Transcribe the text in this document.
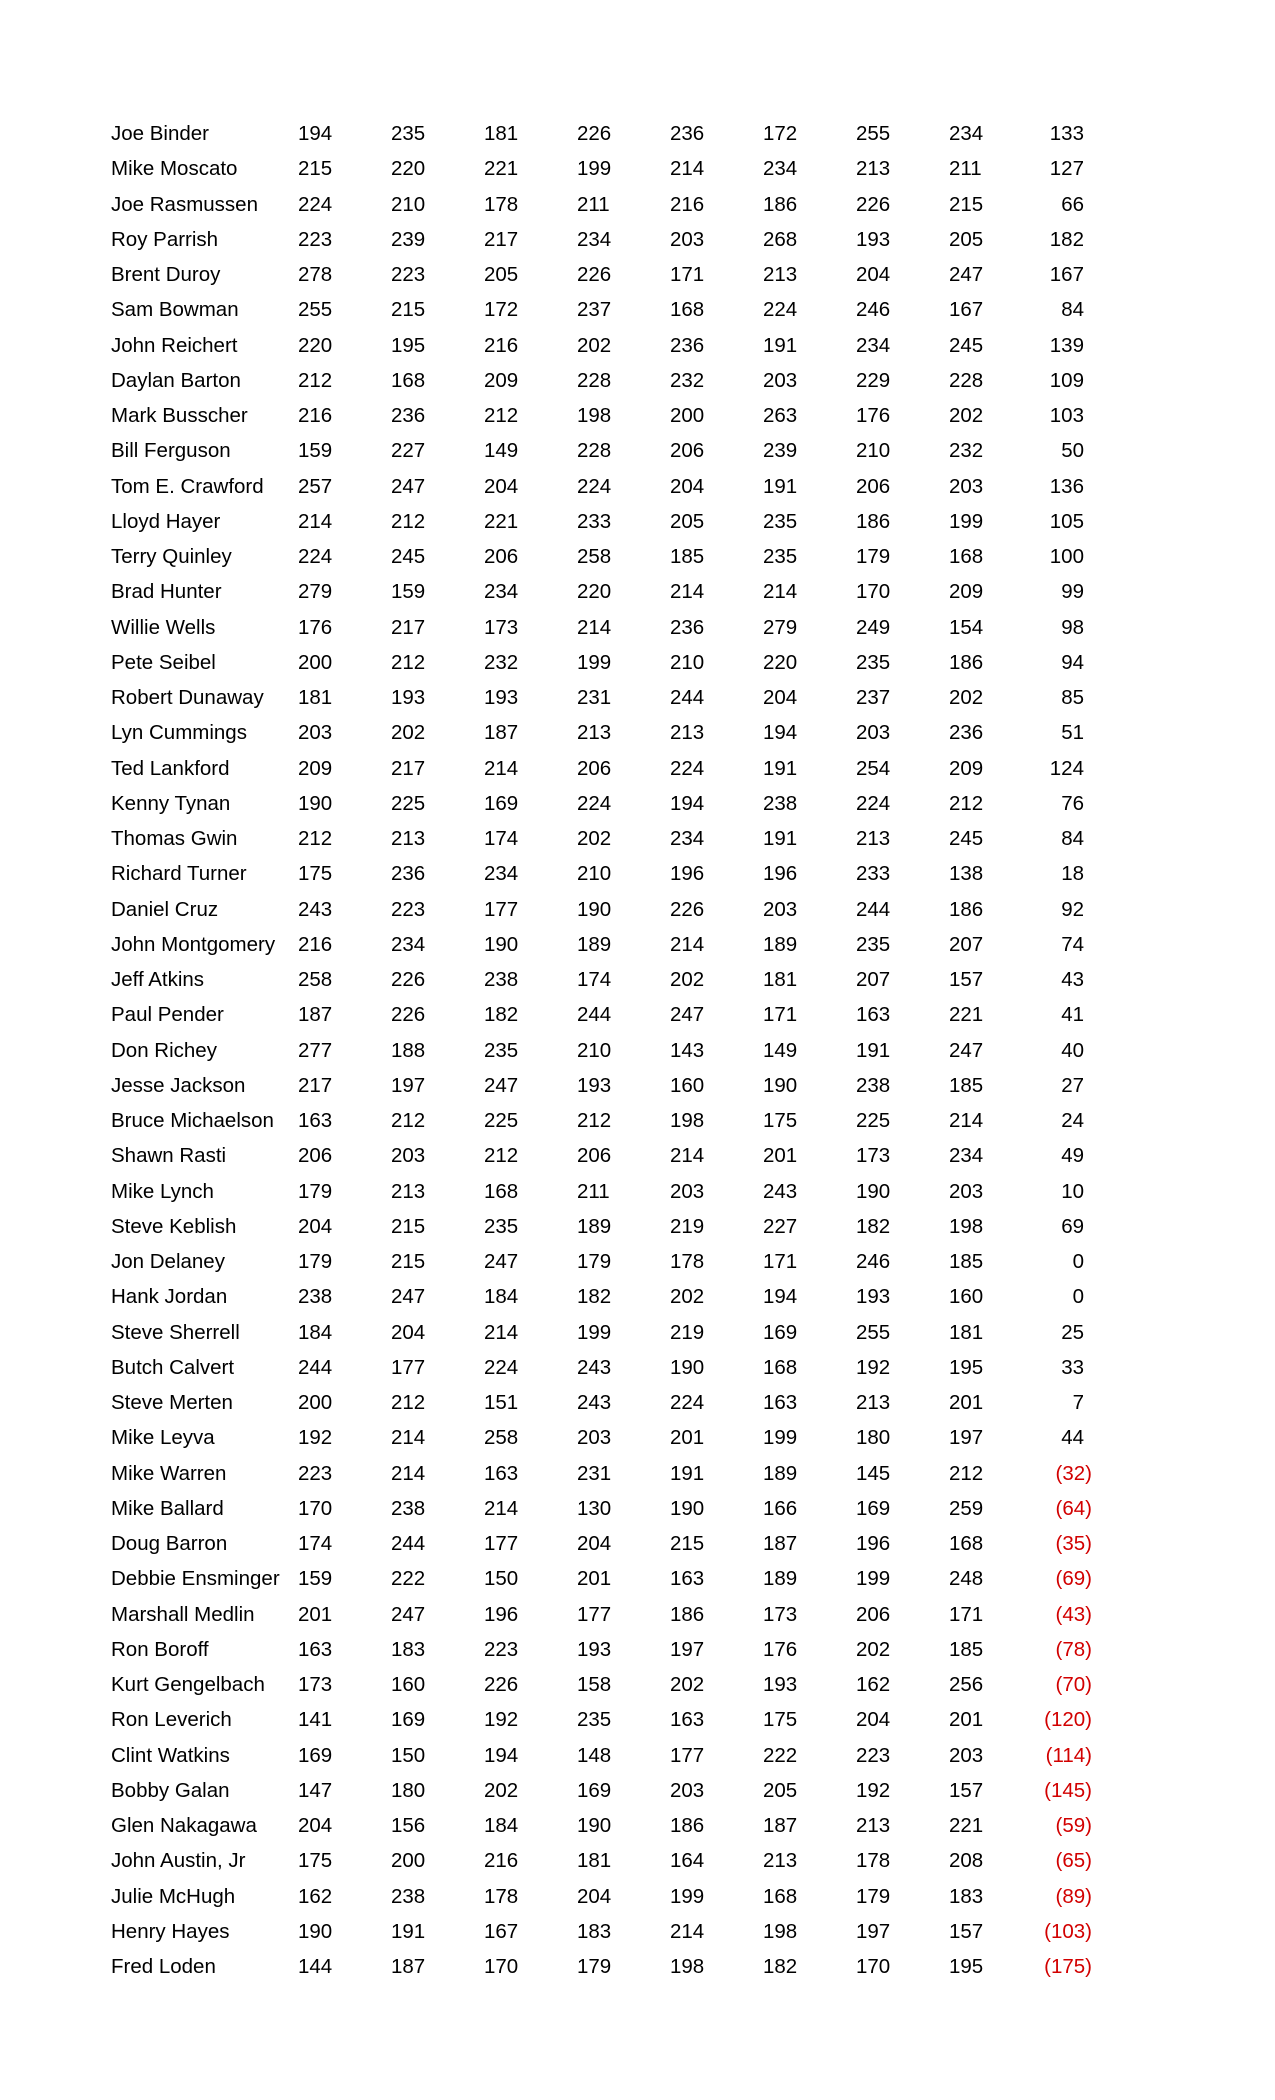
Joe Binder	194	235	181	226	236	172	255	234	133
Mike Moscato	215	220	221	199	214	234	213	211	127
Joe Rasmussen 224	210	178	211	216	186	226	215	66
Roy Parrish	223	239	217	234	203	268	193	205	182
Brent Duroy	278	223	205	226	171	213	204	247	167
Sam Bowman	255	215	172	237	168	224	246	167	84
John Reichert	220	195	216	202	236	191	234	245	139
Daylan Barton	212	168	209	228	232	203	229	228	109
Mark Busscher 216	236	212	198	200	263	176	202	103
Bill Ferguson	159	227	149	228	206	239	210	232	50
Tom E. Crawford 257	247	204	224	204	191	206	203	136
Lloyd Hayer	214	212	221	233	205	235	186	199	105
Terry Quinley	224	245	206	258	185	235	179	168	100
Brad Hunter	279	159	234	220	214	214	170	209	99
Willie Wells	176	217	173	214	236	279	249	154	98
Pete Seibel	200	212	232	199	210	220	235	186	94
Robert Dunaway 181	193	193	231	244	204	237	202	85
Lyn Cummings 203	202	187	213	213	194	203	236	51
Ted Lankford	209	217	214	206	224	191	254	209	124
Kenny Tynan	190	225	169	224	194	238	224	212	76
Thomas Gwin	212	213	174	202	234	191	213	245	84
Richard Turner	175	236	234	210	196	196	233	138	18
Daniel Cruz	243	223	177	190	226	203	244	186	92
John Montgomery 216	234	190	189	214	189	235	207	74
Jeff Atkins	258	226	238	174	202	181	207	157	43
Paul Pender	187	226	182	244	247	171	163	221	41
Don Richey	277	188	235	210	143	149	191	247	40
Jesse Jackson	217	197	247	193	160	190	238	185	27
Bruce Michaelson 163	212	225	212	198	175	225	214	24
Shawn Rasti	206	203	212	206	214	201	173	234	49
Mike Lynch	179	213	168	211	203	243	190	203	10
Steve Keblish	204	215	235	189	219	227	182	198	69
Jon Delaney	179	215	247	179	178	171	246	185	0
Hank Jordan	238	247	184	182	202	194	193	160	0
Steve Sherrell	184	204	214	199	219	169	255	181	25
Butch Calvert	244	177	224	243	190	168	192	195	33
Steve Merten	200	212	151	243	224	163	213	201	7
Mike Leyva	192	214	258	203	201	199	180	197	44
Mike Warren	223	214	163	231	191	189	145	212	(32)
Mike Ballard	170	238	214	130	190	166	169	259	(64)
Doug Barron	174	244	177	204	215	187	196	168	(35)
Debbie Ensminger 159	222	150	201	163	189	199	248	(69)
Marshall Medlin 201	247	196	177	186	173	206	171	(43)
Ron Boroff	163	183	223	193	197	176	202	185	(78)
Kurt Gengelbach 173	160	226	158	202	193	162	256	(70)
Ron Leverich	141	169	192	235	163	175	204	201	(120)
Clint Watkins	169	150	194	148	177	222	223	203	(114)
Bobby Galan	147	180	202	169	203	205	192	157	(145)
Glen Nakagawa 204	156	184	190	186	187	213	221	(59)
John Austin, Jr	175	200	216	181	164	213	178	208	(65)
Julie McHugh	162	238	178	204	199	168	179	183	(89)
Henry Hayes	190	191	167	183	214	198	197	157	(103)
Fred Loden	144	187	170	179	198	182	170	195	(175)
